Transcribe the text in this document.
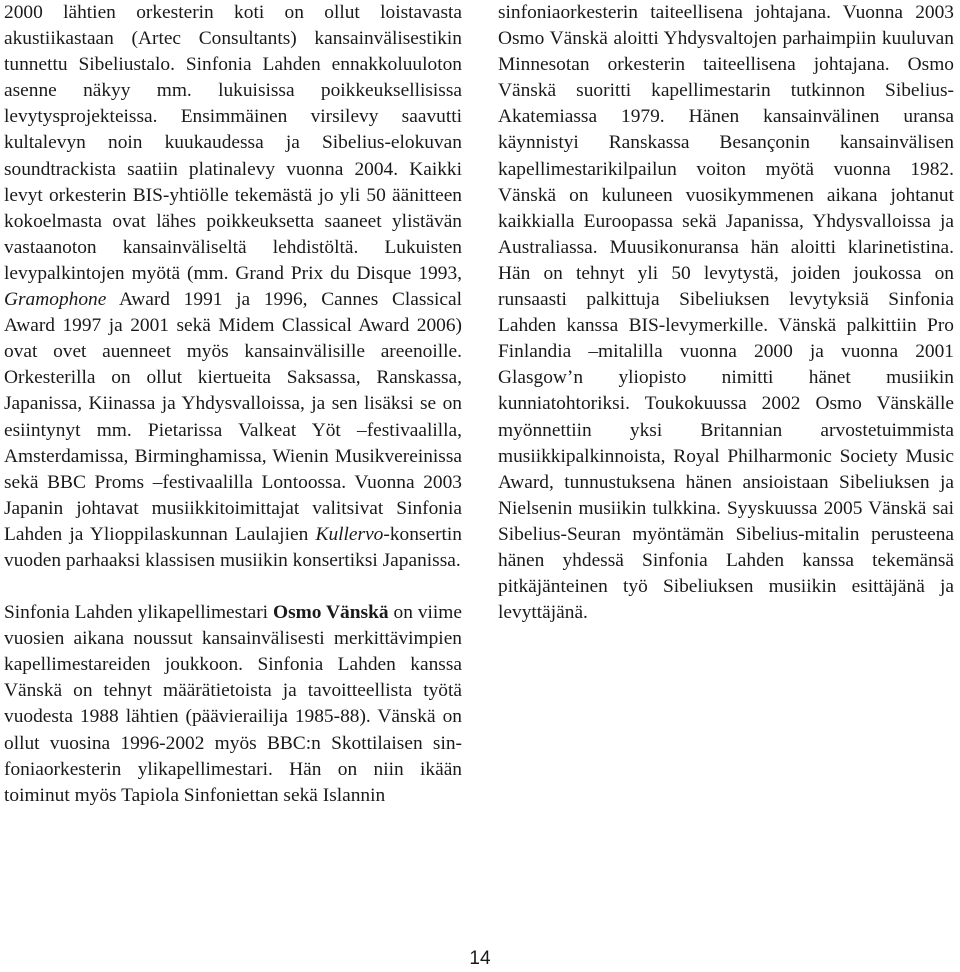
2000 lähtien orkesterin koti on ollut loistavasta akustiikastaan (Artec Consultants) kansainvälisestikin tunnettu Sibeliustalo. Sinfonia Lahden ennakkoluuloton asenne näkyy mm. lukuisissa poikkeuksellisissa levytysprojekteissa. Ensimmäinen virsilevy saavutti kultalevyn noin kuukaudessa ja Sibelius-elokuvan soundtrackista saatiin platinalevy vuonna 2004. Kaikki levyt orkesterin BIS-yhtiölle tekemästä jo yli 50 äänitteen kokoelmasta ovat lähes poikkeuksetta saaneet ylistävän vastaanoton kansainväliseltä lehdistöltä. Lukuisten levypalkintojen myötä (mm. Grand Prix du Disque 1993, Gramophone Award 1991 ja 1996, Cannes Classical Award 1997 ja 2001 sekä Midem Classical Award 2006) ovat ovet auenneet myös kansainvälisille areenoille. Orkesterilla on ollut kiertueita Saksassa, Ranskassa, Japanissa, Kiinassa ja Yhdysvalloissa, ja sen lisäksi se on esiintynyt mm. Pietarissa Valkeat Yöt –festivaalilla, Amsterdamissa, Birminghamissa, Wienin Musikvereinissa sekä BBC Proms –festivaalilla Lontoossa. Vuonna 2003 Japanin johtavat musiikkitoimittajat valitsivat Sinfonia Lahden ja Ylioppilaskunnan Laulajien Kullervo-konsertin vuoden parhaaksi klassisen musiikin konsertiksi Japanissa.

Sinfonia Lahden ylikapellimestari Osmo Vänskä on viime vuosien aikana noussut kansainvälisesti merkittävimpien kapellimestareiden joukkoon. Sinfonia Lahden kanssa Vänskä on tehnyt määrätietoista ja tavoitteellista työtä vuodesta 1988 lähtien (päävierailija 1985-88). Vänskä on ollut vuosina 1996-2002 myös BBC:n Skottilaisen sinfoniaorkesterin ylikapellimestari. Hän on niin ikään toiminut myös Tapiola Sinfoniettan sekä Islannin

sinfoniaorkesterin taiteellisena johtajana. Vuonna 2003 Osmo Vänskä aloitti Yhdysvaltojen parhaimpiin kuuluvan Minnesotan orkesterin taiteellisena johtajana. Osmo Vänskä suoritti kapellimestarin tutkinnon Sibelius-Akatemiassa 1979. Hänen kansainvälinen uransa käynnistyi Ranskassa Besançonin kansainvälisen kapellimestarikilpailun voiton myötä vuonna 1982. Vänskä on kuluneen vuosikymmenen aikana johtanut kaikkialla Euroopassa sekä Japanissa, Yhdysvalloissa ja Australiassa. Muusikonuransa hän aloitti klarinetistina. Hän on tehnyt yli 50 levytystä, joiden joukossa on runsaasti palkittuja Sibeliuksen levytyksiä Sinfonia Lahden kanssa BIS-levymerkille. Vänskä palkittiin Pro Finlandia –mitalilla vuonna 2000 ja vuonna 2001 Glasgow’n yliopisto nimitti hänet musiikin kunniatohtoriksi. Toukokuussa 2002 Osmo Vänskälle myönnettiin yksi Britannian arvostetuimmista musiikkipalkinnoista, Royal Philharmonic Society Music Award, tunnustuksena hänen ansioistaan Sibeliuksen ja Nielsenin musiikin tulkkina. Syyskuussa 2005 Vänskä sai Sibelius-Seuran myöntämän Sibelius-mitalin perusteena hänen yhdessä Sinfonia Lahden kanssa tekemänsä pitkäjänteinen työ Sibeliuksen musiikin esittäjänä ja levyttäjänä.

14
